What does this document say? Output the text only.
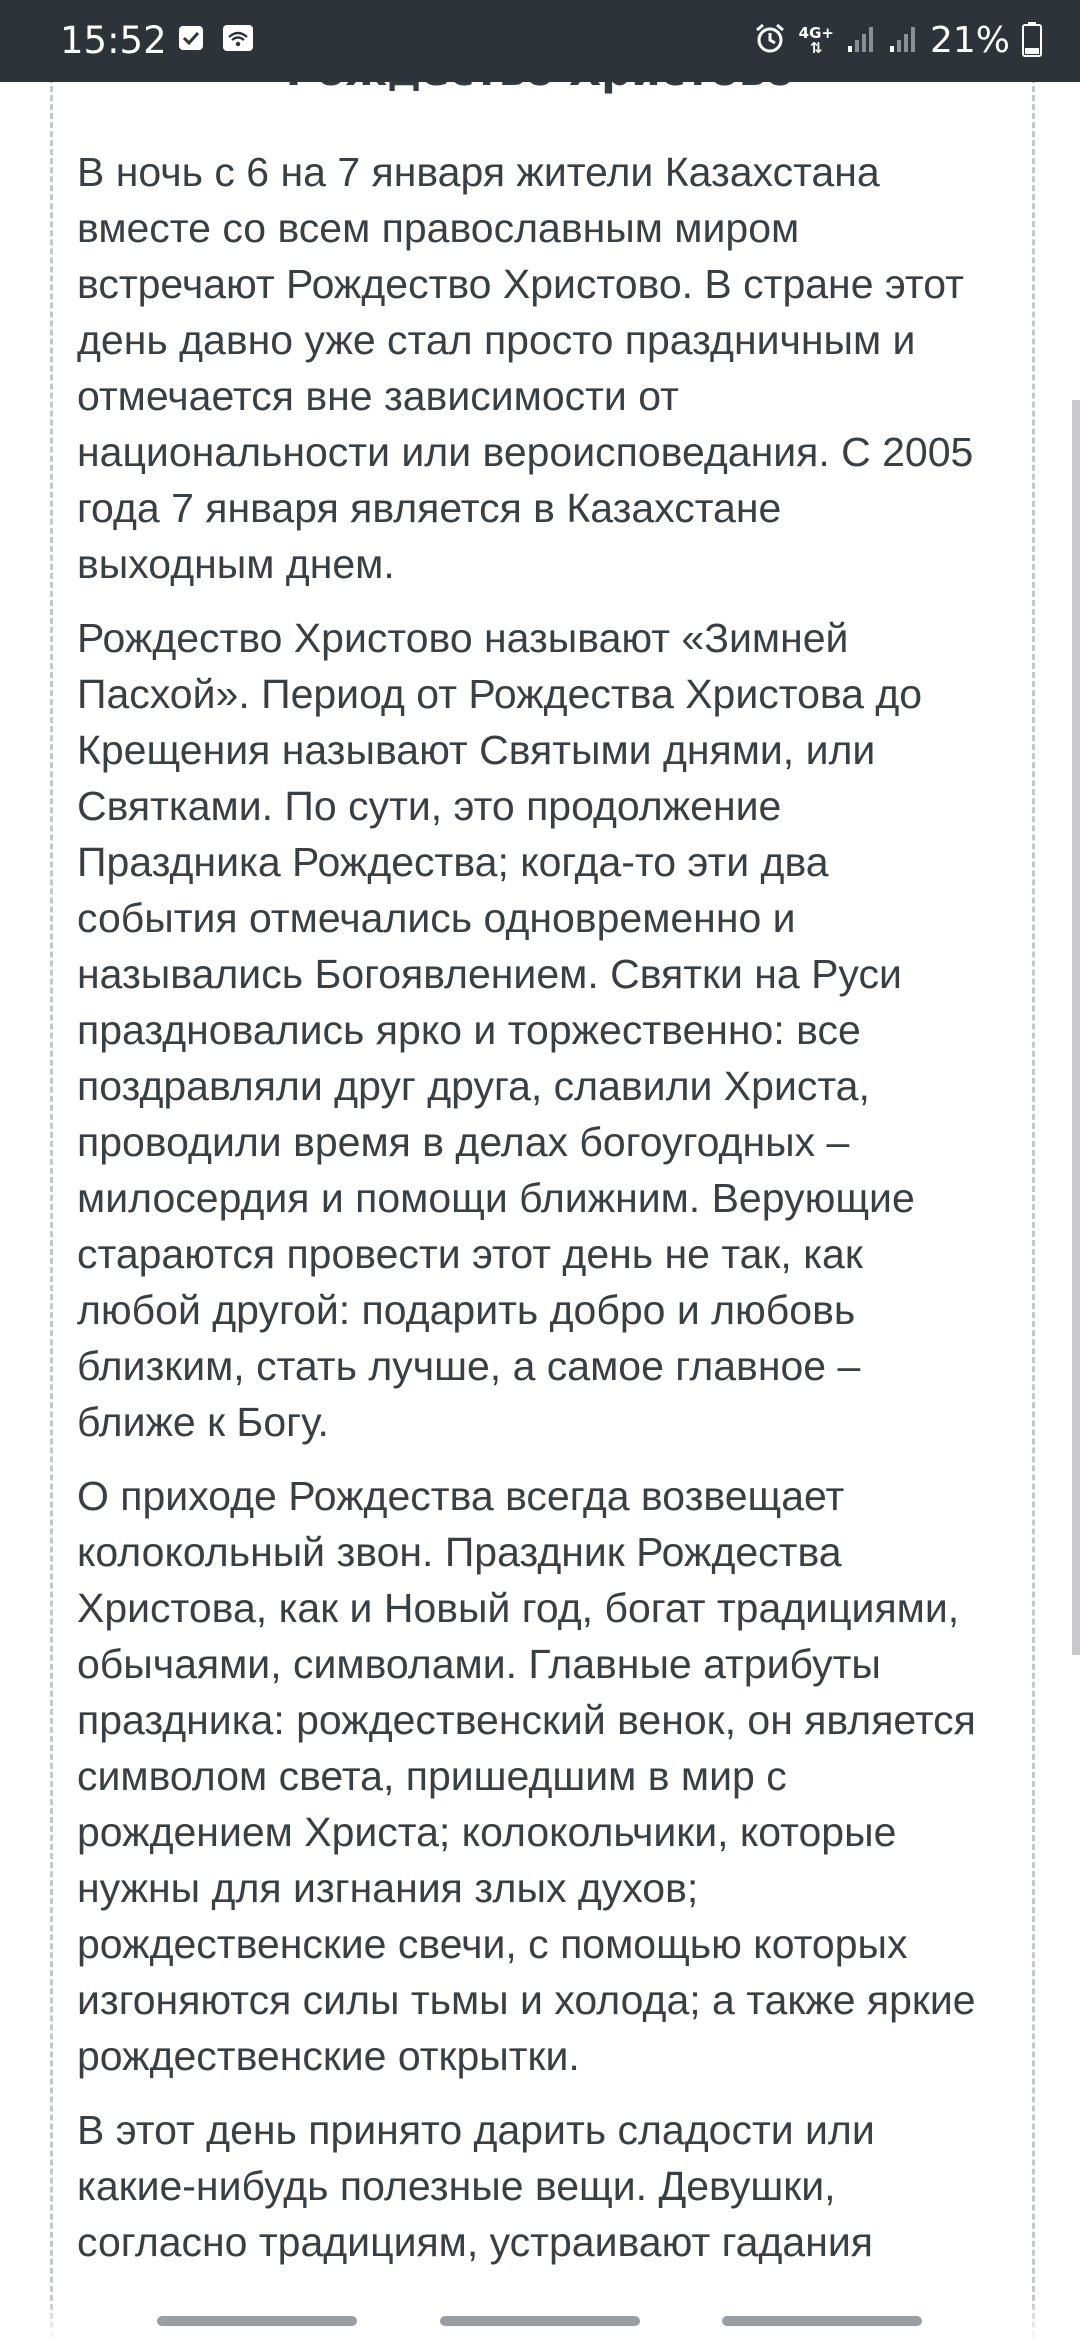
15:52	4G+
⇅	21%

В ночь с 6 на 7 января жители Казахстана вместе со всем православным миром встречают Рождество Христово. В стране этот день давно уже стал просто праздничным и отмечается вне зависимости от национальности или вероисповедания. С 2005 года 7 января является в Казахстане выходным днем.

Рождество Христово называют «Зимней Пасхой». Период от Рождества Христова до Крещения называют Святыми днями, или Святками. По сути, это продолжение Праздника Рождества; когда-то эти два события отмечались одновременно и назывались Богоявлением. Святки на Руси праздновались ярко и торжественно: все поздравляли друг друга, славили Христа, проводили время в делах богоугодных – милосердия и помощи ближним. Верующие стараются провести этот день не так, как любой другой: подарить добро и любовь близким, стать лучше, а самое главное – ближе к Богу.

О приходе Рождества всегда возвещает колокольный звон. Праздник Рождества Христова, как и Новый год, богат традициями, обычаями, символами. Главные атрибуты праздника: рождественский венок, он является символом света, пришедшим в мир с рождением Христа; колокольчики, которые нужны для изгнания злых духов; рождественские свечи, с помощью которых изгоняются силы тьмы и холода; а также яркие рождественские открытки.

В этот день принято дарить сладости или какие-нибудь полезные вещи. Девушки, согласно традициям, устраивают гадания
